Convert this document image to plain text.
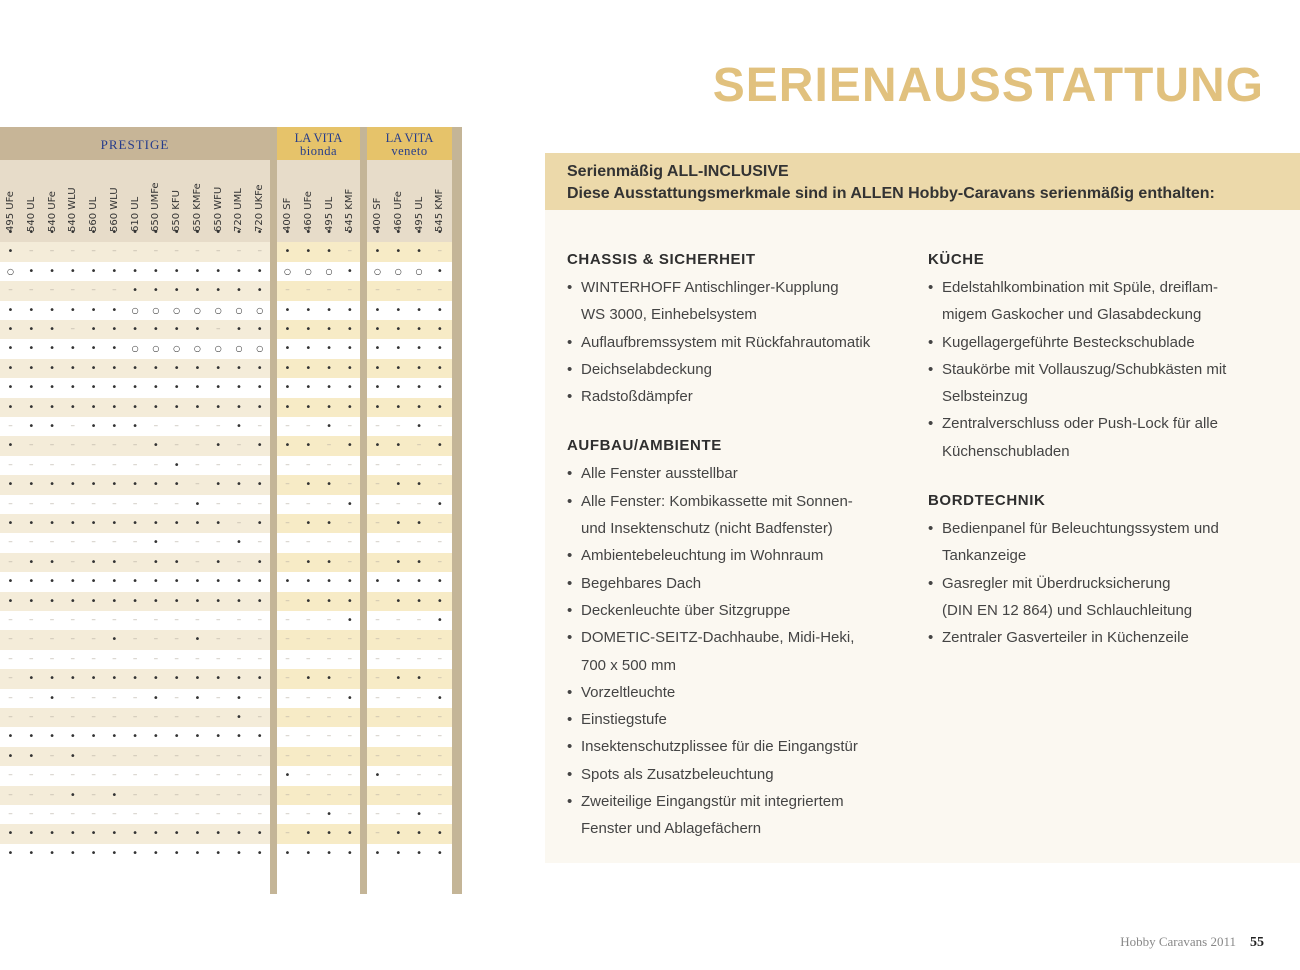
PRESTIGE	LA VITA
bionda
LA VITA
veneto
495 UFe 540 UL 540 UFe 540 WLU 560 UL 560 WLU 610 UL 650 UMFe 650 KFU 650 KMFe 650 WFU 720 UML 720 UKFe 400 SF 460 UFe 495 UL 545 KMF 400 SF 460 UFe 495 UL 545 KMF
•
•
•
•
•
•
•
•
•
•
•
•
•
•
–
–
–
–
–
–
–
–
–
–
–
–
○
•
•
•
•
•
•
•
•
•
•
•
•
–
–
–
–
–
–
•
•
•
•
•
•
•
•
•
•
•
•
•
○
○
○
○
○
○
○
•
•
•
–
•
•
•
•
•
•
–
•
•
•
•
•
•
•
•
○
○
○
○
○
○
○
•
•
•
•
•
•
•
•
•
•
•
•
•
•
•
•
•
•
•
•
•
•
•
•
•
•
•
•
•
•
•
•
•
•
•
•
•
•
•
–
•
•
–
•
•
•
–
–
–
–
•
–
•
–
–
–
–
–
–
•
–
–
•
–
•
–
–
–
–
–
–
–
–
•
–
–
–
–
•
•
•
•
•
•
•
•
•
–
•
•
•
–
–
–
–
–
–
–
–
–
•
–
–
–
•
•
•
•
•
•
•
•
•
•
•
–
•
–
–
–
–
–
–
–
•
–
–
–
•
–
–
•
•
–
•
•
–
•
•
–
•
–
•
•
•
•
•
•
•
•
•
•
•
•
•
•
•
•
•
•
•
•
•
•
•
•
•
•
•
–
–
–
–
–
–
–
–
–
–
–
–
–
–
–
–
–
–
•
–
–
–
•
–
–
–
–
–
–
–
–
–
–
–
–
–
–
–
–
–
•
•
•
•
•
•
•
•
•
•
•
•
–
–
•
–
–
–
–
•
–
•
–
•
–
–
–
–
–
–
–
–
–
–
–
–
•
–
•
•
•
•
•
•
•
•
•
•
•
•
•
•
•
–
•
–
–
–
–
–
–
–
–
–
–
–
–
–
–
–
–
–
–
–
–
–
–
–
–
–
•
–
•
–
–
–
–
–
–
–
–
–
–
–
–
–
–
–
–
–
–
–
–
•
•
•
•
•
•
•
•
•
•
•
•
•
•
•
•
•
•
•
•
•
•
•
•
•
•
•
•
•
•
•
•
•
–
○
○
○
•
–
–
–
–
•
•
•
•
•
•
•
•
•
•
•
•
•
•
•
•
•
•
•
•
•
•
•
•
–
–
•
–
•
•
–
•
–
–
–
–
–
•
•
–
–
–
–
•
–
•
•
–
–
–
–
–
–
•
•
–
•
•
•
•
–
•
•
•
–
–
–
•
–
–
–
–
–
–
–
–
–
•
•
–
–
–
–
•
–
–
–
–
–
–
–
–
–
–
–
–
•
–
–
–
–
–
–
–
–
–
•
–
–
•
•
•
•
•
•
•
•
•
•
•
•
•
•
–
○
○
○
•
–
–
–
–
•
•
•
•
•
•
•
•
•
•
•
•
•
•
•
•
•
•
•
•
•
•
•
•
–
–
•
–
•
•
–
•
–
–
–
–
–
•
•
–
–
–
–
•
–
•
•
–
–
–
–
–
–
•
•
–
•
•
•
•
–
•
•
•
–
–
–
•
–
–
–
–
–
–
–
–
–
•
•
–
–
–
–
•
–
–
–
–
–
–
–
–
–
–
–
–
•
–
–
–
–
–
–
–
–
–
•
–
–
•
•
•
•
•
•
•
SERIENAUSSTATTUNG
Serienmäßig ALL-INCLUSIVE
Diese Ausstattungsmerkmale sind in ALLEN Hobby-Caravans serienmäßig enthalten:
CHASSIS & SICHERHEIT
• WINTERHOFF Antischlinger-Kupplung
WS 3000, Einhebelsystem
• Auflaufbremssystem mit Rückfahrautomatik
• Deichselabdeckung
• Radstoßdämpfer
AUFBAU/AMBIENTE
• Alle Fenster ausstellbar
• Alle Fenster: Kombikassette mit Sonnen-
und Insektenschutz (nicht Badfenster)
• Ambientebeleuchtung im Wohnraum
• Begehbares Dach
• Deckenleuchte über Sitzgruppe
• DOMETIC-SEITZ-Dachhaube, Midi-Heki,
700 x 500 mm
• Vorzeltleuchte
• Einstiegstufe
• Insektenschutzplissee für die Eingangstür
• Spots als Zusatzbeleuchtung
• Zweiteilige Eingangstür mit integriertem
Fenster und Ablagefächern
KÜCHE
• Edelstahlkombination mit Spüle, dreiflam-
migem Gaskocher und Glasabdeckung
• Kugellagergeführte Besteckschublade
• Staukörbe mit Vollauszug/Schubkästen mit
Selbsteinzug
• Zentralverschluss oder Push-Lock für alle
Küchenschubladen
BORDTECHNIK
• Bedienpanel für Beleuchtungssystem und
Tankanzeige
• Gasregler mit Überdrucksicherung
(DIN EN 12 864) und Schlauchleitung
• Zentraler Gasverteiler in Küchenzeile
Hobby Caravans 2011 55
